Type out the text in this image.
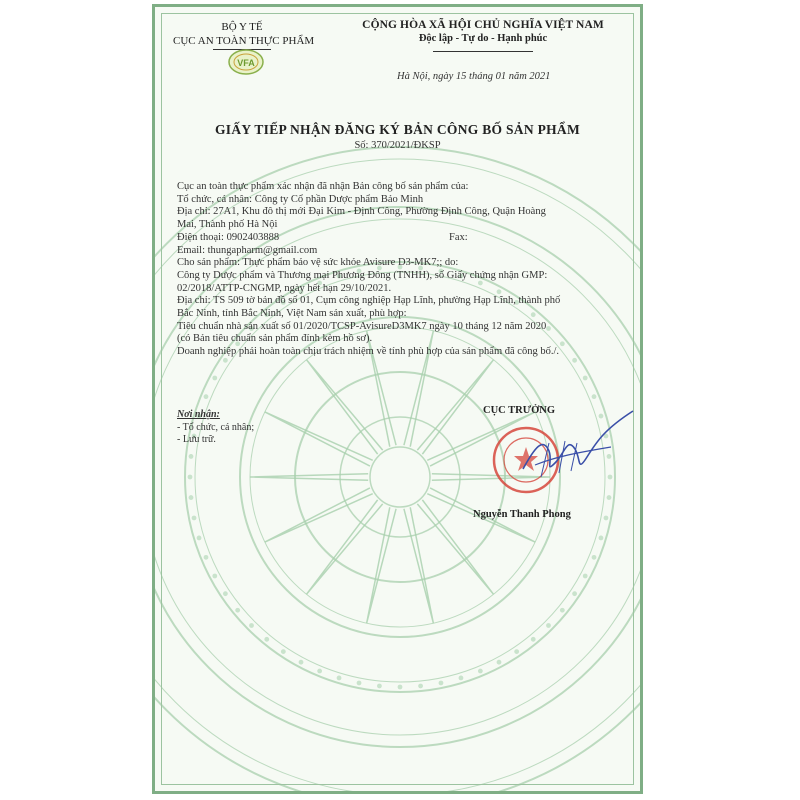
BỘ Y TẾ
CỤC AN TOÀN THỰC PHẨM
VFA
CỘNG HÒA XÃ HỘI CHỦ NGHĨA VIỆT NAM
Độc lập - Tự do - Hạnh phúc
Hà Nội, ngày 15 tháng 01 năm 2021
GIẤY TIẾP NHẬN ĐĂNG KÝ BẢN CÔNG BỐ SẢN PHẨM
Số: 370/2021/ĐKSP
Cục an toàn thực phẩm xác nhận đã nhận Bản công bố sản phẩm của:
Tổ chức, cá nhân: Công ty Cổ phần Dược phẩm Bảo Minh
Địa chỉ: 27A1, Khu đô thị mới Đại Kim - Định Công, Phường Định Công, Quận Hoàng
Mai, Thành phố Hà Nội
Điện thoại: 0902403888	Fax:
Email: thungapharm@gmail.com
Cho sản phẩm: Thực phẩm bảo vệ sức khỏe Avisure D3-MK7;; do:
Công ty Dược phẩm và Thương mại Phương Đông (TNHH), số Giấy chứng nhận GMP:
02/2018/ATTP-CNGMP, ngày hết hạn 29/10/2021.
Địa chỉ: TS 509 tờ bản đồ số 01, Cụm công nghiệp Hạp Lĩnh, phường Hạp Lĩnh, thành phố
Bắc Ninh, tỉnh Bắc Ninh, Việt Nam sản xuất, phù hợp:
Tiêu chuẩn nhà sản xuất số 01/2020/TCSP-AvisureD3MK7 ngày 10 tháng 12 năm 2020
(có Bản tiêu chuẩn sản phẩm đính kèm hồ sơ).
Doanh nghiệp phải hoàn toàn chịu trách nhiệm về tính phù hợp của sản phẩm đã công bố./.
Nơi nhận:
- Tổ chức, cá nhân;
- Lưu trữ.
CỤC TRƯỞNG
Nguyễn Thanh Phong
